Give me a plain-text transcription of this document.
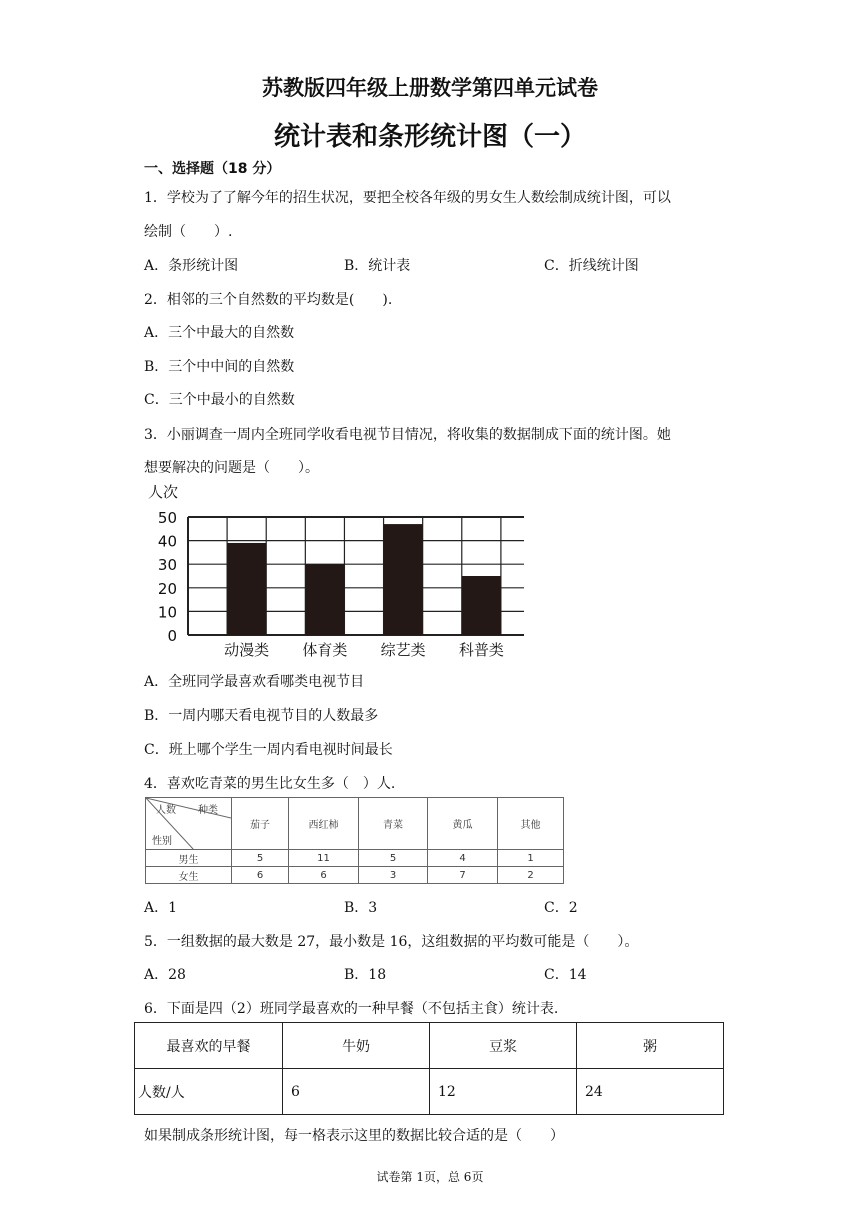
苏教版四年级上册数学第四单元试卷
统计表和条形统计图（一）
一、选择题（18 分）
1．学校为了了解今年的招生状况，要把全校各年级的男女生人数绘制成统计图，可以
绘制（　　）.
A．条形统计图	B．统计表	C．折线统计图
2．相邻的三个自然数的平均数是(　　).
A．三个中最大的自然数
B．三个中中间的自然数
C．三个中最小的自然数
3．小丽调查一周内全班同学收看电视节目情况，将收集的数据制成下面的统计图。她
想要解决的问题是（　　）。
0
10
20
30
40
50
动漫类 体育类 综艺类 科普类
人次
A．全班同学最喜欢看哪类电视节目
B．一周内哪天看电视节目的人数最多
C．班上哪个学生一周内看电视时间最长
4．喜欢吃青菜的男生比女生多（　）人.
人数 种类
性别	茄子	西红柿	青菜	黄瓜	其他
男生	5	11	5	4	1
女生	6	6	3	7	2
A．1	B．3	C．2
5．一组数据的最大数是 27，最小数是 16，这组数据的平均数可能是（　　）。
A．28	B．18	C．14
6．下面是四（2）班同学最喜欢的一种早餐（不包括主食）统计表.
最喜欢的早餐	牛奶	豆浆	粥
人数/人	6	12	24
如果制成条形统计图，每一格表示这里的数据比较合适的是（　　）
试卷第 1页，总 6页
